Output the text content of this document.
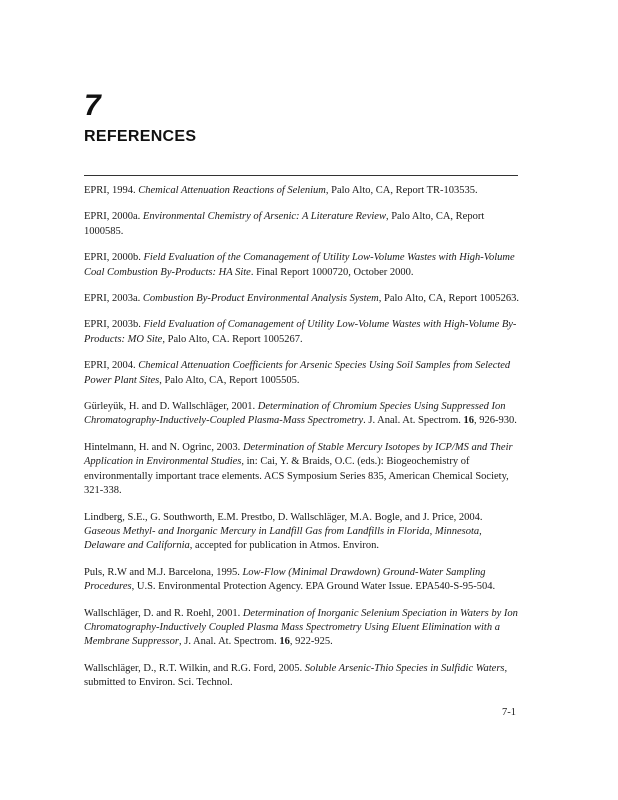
7
REFERENCES

EPRI, 1994. Chemical Attenuation Reactions of Selenium, Palo Alto, CA, Report TR-103535.

EPRI, 2000a. Environmental Chemistry of Arsenic: A Literature Review, Palo Alto, CA, Report 1000585.

EPRI, 2000b. Field Evaluation of the Comanagement of Utility Low-Volume Wastes with High-Volume Coal Combustion By-Products: HA Site. Final Report 1000720, October 2000.

EPRI, 2003a. Combustion By-Product Environmental Analysis System, Palo Alto, CA, Report 1005263.

EPRI, 2003b. Field Evaluation of Comanagement of Utility Low-Volume Wastes with High-Volume By-Products: MO Site, Palo Alto, CA. Report 1005267.

EPRI, 2004. Chemical Attenuation Coefficients for Arsenic Species Using Soil Samples from Selected Power Plant Sites, Palo Alto, CA, Report 1005505.

Gürleyük, H. and D. Wallschläger, 2001. Determination of Chromium Species Using Suppressed Ion Chromatography-Inductively-Coupled Plasma-Mass Spectrometry. J. Anal. At. Spectrom. 16, 926-930.

Hintelmann, H. and N. Ogrinc, 2003. Determination of Stable Mercury Isotopes by ICP/MS and Their Application in Environmental Studies, in: Cai, Y. & Braids, O.C. (eds.): Biogeochemistry of environmentally important trace elements. ACS Symposium Series 835, American Chemical Society, 321-338.

Lindberg, S.E., G. Southworth, E.M. Prestbo, D. Wallschläger, M.A. Bogle, and J. Price, 2004. Gaseous Methyl- and Inorganic Mercury in Landfill Gas from Landfills in Florida, Minnesota, Delaware and California, accepted for publication in Atmos. Environ.

Puls, R.W and M.J. Barcelona, 1995. Low-Flow (Minimal Drawdown) Ground-Water Sampling Procedures, U.S. Environmental Protection Agency. EPA Ground Water Issue. EPA540-S-95-504.

Wallschläger, D. and R. Roehl, 2001. Determination of Inorganic Selenium Speciation in Waters by Ion Chromatography-Inductively Coupled Plasma Mass Spectrometry Using Eluent Elimination with a Membrane Suppressor, J. Anal. At. Spectrom. 16, 922-925.

Wallschläger, D., R.T. Wilkin, and R.G. Ford, 2005. Soluble Arsenic-Thio Species in Sulfidic Waters, submitted to Environ. Sci. Technol.

7-1
